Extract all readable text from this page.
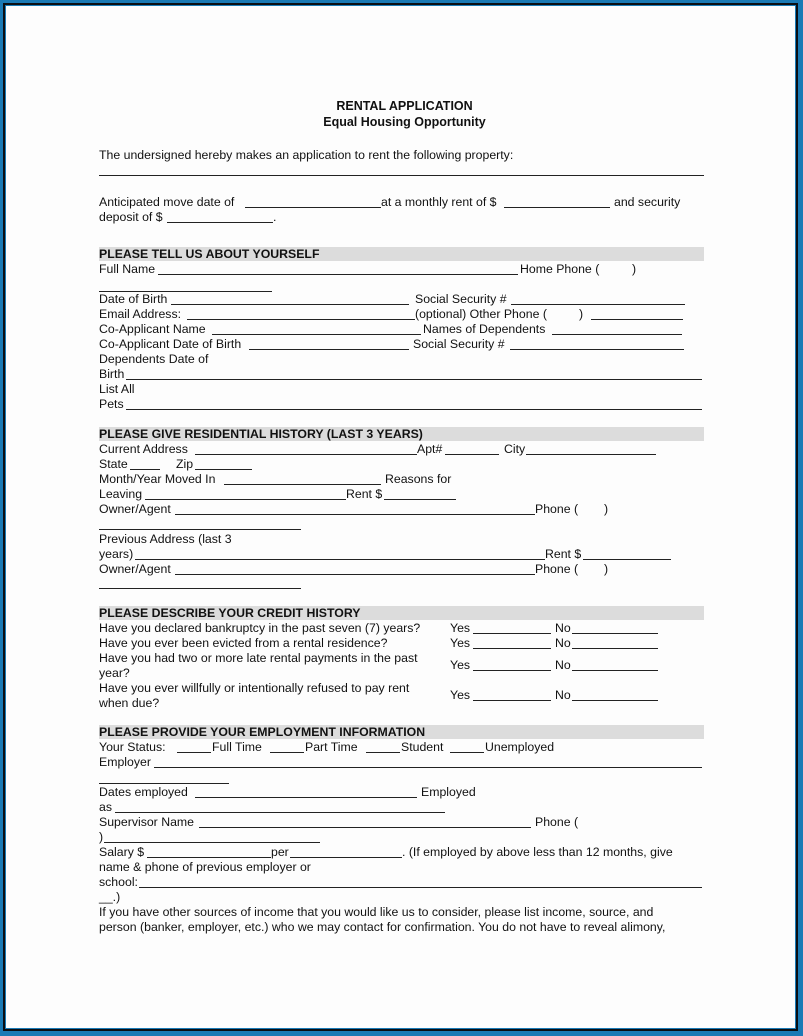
RENTAL APPLICATION
Equal Housing Opportunity
The undersigned hereby makes an application to rent the following property:
Anticipated move date of	at a monthly rent of $	and security
deposit of $	.
PLEASE TELL US ABOUT YOURSELF
Full Name	Home Phone (	)
Date of Birth	Social Security #
Email Address:	(optional) Other Phone (	)
Co-Applicant Name	Names of Dependents
Co-Applicant Date of Birth	Social Security #
Dependents Date of
Birth
List All
Pets
PLEASE GIVE RESIDENTIAL HISTORY (LAST 3 YEARS)
Current Address	Apt#	City
State	Zip
Month/Year Moved In	Reasons for
Leaving	Rent $
Owner/Agent	Phone ( )
Previous Address (last 3
years)	Rent $
Owner/Agent	Phone ( )
PLEASE DESCRIBE YOUR CREDIT HISTORY
Have you declared bankruptcy in the past seven (7) years? Yes	No
Have you ever been evicted from a rental residence?	Yes	No
Have you had two or more late rental payments in the past
year?
Yes	No
Have you ever willfully or intentionally refused to pay rent
when due?
Yes	No
PLEASE PROVIDE YOUR EMPLOYMENT INFORMATION
Your Status:	Full Time	Part Time	Student	Unemployed
Employer
Dates employed	Employed
as
Supervisor Name	Phone (
)
Salary $	per	. (If employed by above less than 12 months, give
name & phone of previous employer or
school:
__.)
If you have other sources of income that you would like us to consider, please list income, source, and
person (banker, employer, etc.) who we may contact for confirmation. You do not have to reveal alimony,
